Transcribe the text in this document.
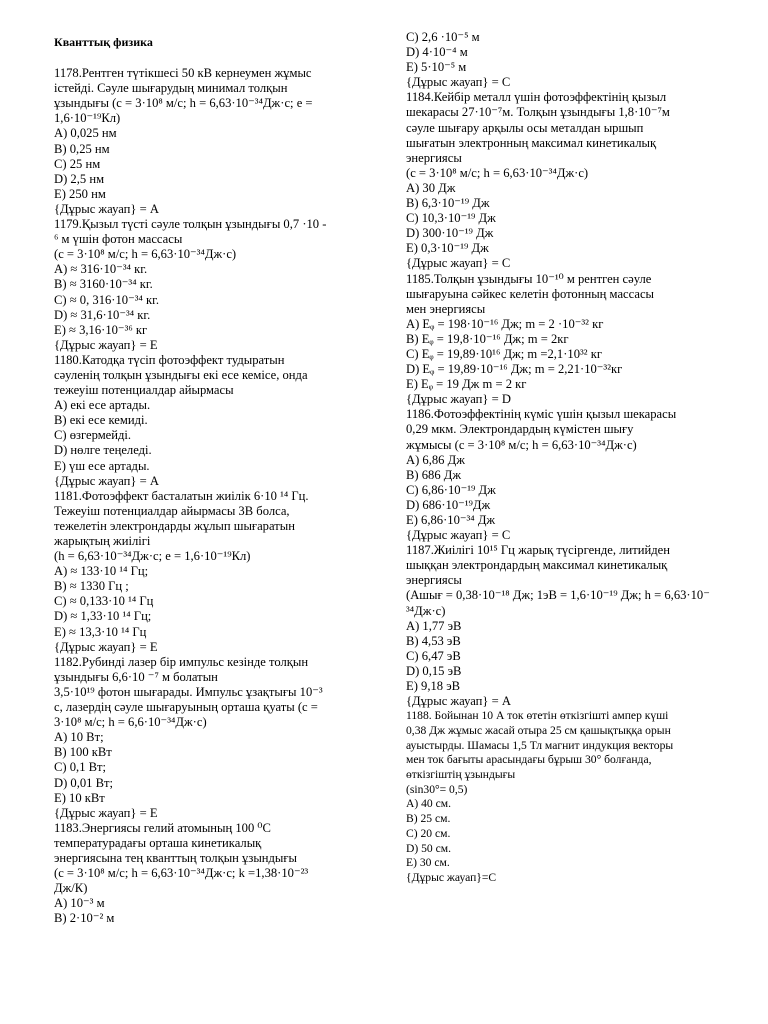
Кванттық физика
1178.Рентген түтікшесі 50 кВ кернеумен жұмыс
істейді. Сәуле шығарудың минимал толқын
ұзындығы (с = 3·10⁸ м/с; h = 6,63·10⁻³⁴Дж·с; е =
1,6·10⁻¹⁹Кл)
A) 0,025 нм
B) 0,25 нм
C) 25 нм
D) 2,5 нм
E) 250 нм
{Дұрыс жауап} = A
1179.Қызыл түсті сәуле толқын ұзындығы 0,7 ·10 -
⁶ м үшін фотон массасы
(с = 3·10⁸ м/с; h = 6,63·10⁻³⁴Дж·с)
A) ≈ 316·10⁻³⁴ кг.
B) ≈ 3160·10⁻³⁴ кг.
C) ≈ 0, 316·10⁻³⁴ кг.
D) ≈ 31,6·10⁻³⁴ кг.
E) ≈ 3,16·10⁻³⁶ кг
{Дұрыс жауап} = E
1180.Катодқа түсіп фотоэффект тудыратын
сәуленің толқын ұзындығы екі есе кемісе, онда
тежеуіш потенциалдар айырмасы
A) екі есе артады.
B) екі есе кемиді.
C) өзгермейді.
D) нөлге теңеледі.
E) үш есе артады.
{Дұрыс жауап} = A
1181.Фотоэффект басталатын жиілік 6·10 ¹⁴ Гц.
Тежеуіш потенциалдар айырмасы 3В болса,
тежелетін электрондарды жұлып шығаратын
жарықтың жиілігі
(h = 6,63·10⁻³⁴Дж·с; е = 1,6·10⁻¹⁹Кл)
A) ≈ 133·10 ¹⁴ Гц;
B) ≈ 1330 Гц ;
C) ≈ 0,133·10 ¹⁴ Гц
D) ≈ 1,33·10 ¹⁴ Гц;
E) ≈ 13,3·10 ¹⁴ Гц
{Дұрыс жауап} = E
1182.Рубинді лазер бір импульс кезінде толқын
ұзындығы 6,6·10 ⁻⁷ м болатын
3,5·10¹⁹ фотон шығарады. Импульс ұзақтығы 10⁻³
с, лазердің сәуле шығаруының орташа қуаты (с =
3·10⁸ м/с; h = 6,6·10⁻³⁴Дж·с)
A) 10 Вт;
B) 100 кВт
C) 0,1 Вт;
D) 0,01 Вт;
E) 10 кВт
{Дұрыс жауап} = E
1183.Энергиясы гелий атомының 100 ⁰С
температурадағы орташа кинетикалық
энергиясына тең кванттың толқын ұзындығы
(с = 3·10⁸ м/с; h = 6,63·10⁻³⁴Дж·с; k =1,38·10⁻²³
Дж/К)
A) 10⁻³ м
B) 2·10⁻² м
C) 2,6 ·10⁻⁵ м
D) 4·10⁻⁴ м
E) 5·10⁻⁵ м
{Дұрыс жауап} = C
1184.Кейбір металл үшін фотоэффектінің қызыл
шекарасы 27·10⁻⁷м. Толқын ұзындығы 1,8·10⁻⁷м
сәуле шығару арқылы осы металдан ыршып
шығатын электронның максимал кинетикалық
энергиясы
(с = 3·10⁸ м/с; h = 6,63·10⁻³⁴Дж·с)
A) 30 Дж
B) 6,3·10⁻¹⁹ Дж
C) 10,3·10⁻¹⁹ Дж
D) 300·10⁻¹⁹ Дж
E) 0,3·10⁻¹⁹ Дж
{Дұрыс жауап} = C
1185.Толқын ұзындығы 10⁻¹⁰ м рентген сәуле
шығаруына сәйкес келетін фотонның массасы
мен энергиясы
A) Eᵩ = 198·10⁻¹⁶ Дж; m = 2 ·10⁻³² кг
B) Eᵩ = 19,8·10⁻¹⁶ Дж; m = 2кг
C) Eᵩ = 19,89·10¹⁶ Дж; m =2,1·10³² кг
D) Eᵩ = 19,89·10⁻¹⁶ Дж; m = 2,21·10⁻³²кг
E) Eᵩ = 19 Дж m = 2 кг
{Дұрыс жауап} = D
1186.Фотоэффектінің күміс үшін қызыл шекарасы
0,29 мкм. Электрондардың күмістен шығу
жұмысы (с = 3·10⁸ м/с; h = 6,63·10⁻³⁴Дж·с)
A) 6,86 Дж
B) 686 Дж
C) 6,86·10⁻¹⁹ Дж
D) 686·10⁻¹⁹Дж
E) 6,86·10⁻³⁴ Дж
{Дұрыс жауап} = C
1187.Жиілігі 10¹⁵ Гц жарық түсіргенде, литийден
шыққан электрондардың максимал кинетикалық
энергиясы
(Aшығ = 0,38·10⁻¹⁸ Дж; 1эВ = 1,6·10⁻¹⁹ Дж; h = 6,63·10⁻
³⁴Дж·с)
A) 1,77 эВ
B) 4,53 эВ
C) 6,47 эВ
D) 0,15 эВ
E) 9,18 эВ
{Дұрыс жауап} = A
1188. Бойынан 10 А ток өтетін өткізгішті ампер күші
0,38 Дж жұмыс жасай отыра 25 см қашықтыққа орын
ауыстырды. Шамасы 1,5 Тл магнит индукция векторы
мен ток бағыты арасындағы бұрыш 30° болғанда,
өткізгіштің ұзындығы
(sin30°= 0,5)
A) 40 см.
B) 25 см.
C) 20 см.
D) 50 см.
E) 30 см.
{Дұрыс жауап}=C
